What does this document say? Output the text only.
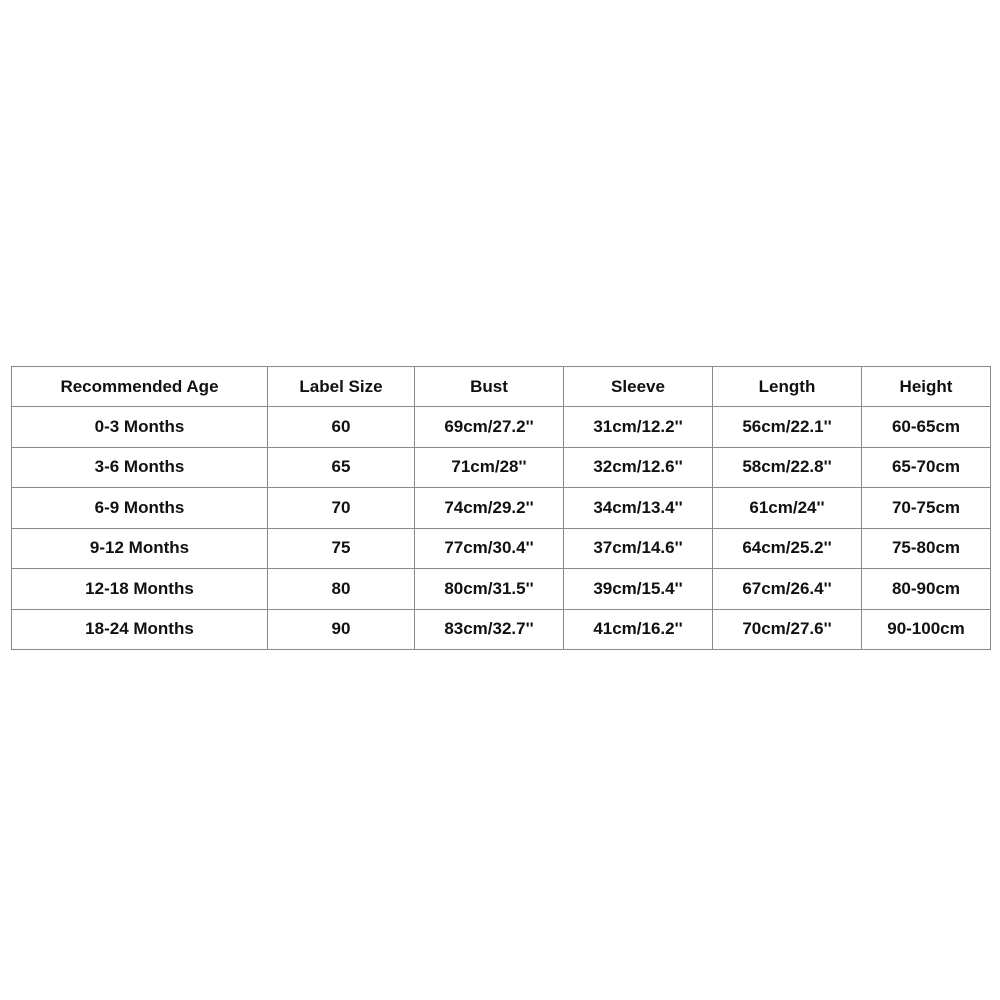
Recommended Age	Label Size	Bust	Sleeve	Length	Height
0-3 Months	60	69cm/27.2''	31cm/12.2''	56cm/22.1''	60-65cm
3-6 Months	65	71cm/28''	32cm/12.6''	58cm/22.8''	65-70cm
6-9 Months	70	74cm/29.2''	34cm/13.4''	61cm/24''	70-75cm
9-12 Months	75	77cm/30.4''	37cm/14.6''	64cm/25.2''	75-80cm
12-18 Months	80	80cm/31.5''	39cm/15.4''	67cm/26.4''	80-90cm
18-24 Months	90	83cm/32.7''	41cm/16.2''	70cm/27.6''	90-100cm
